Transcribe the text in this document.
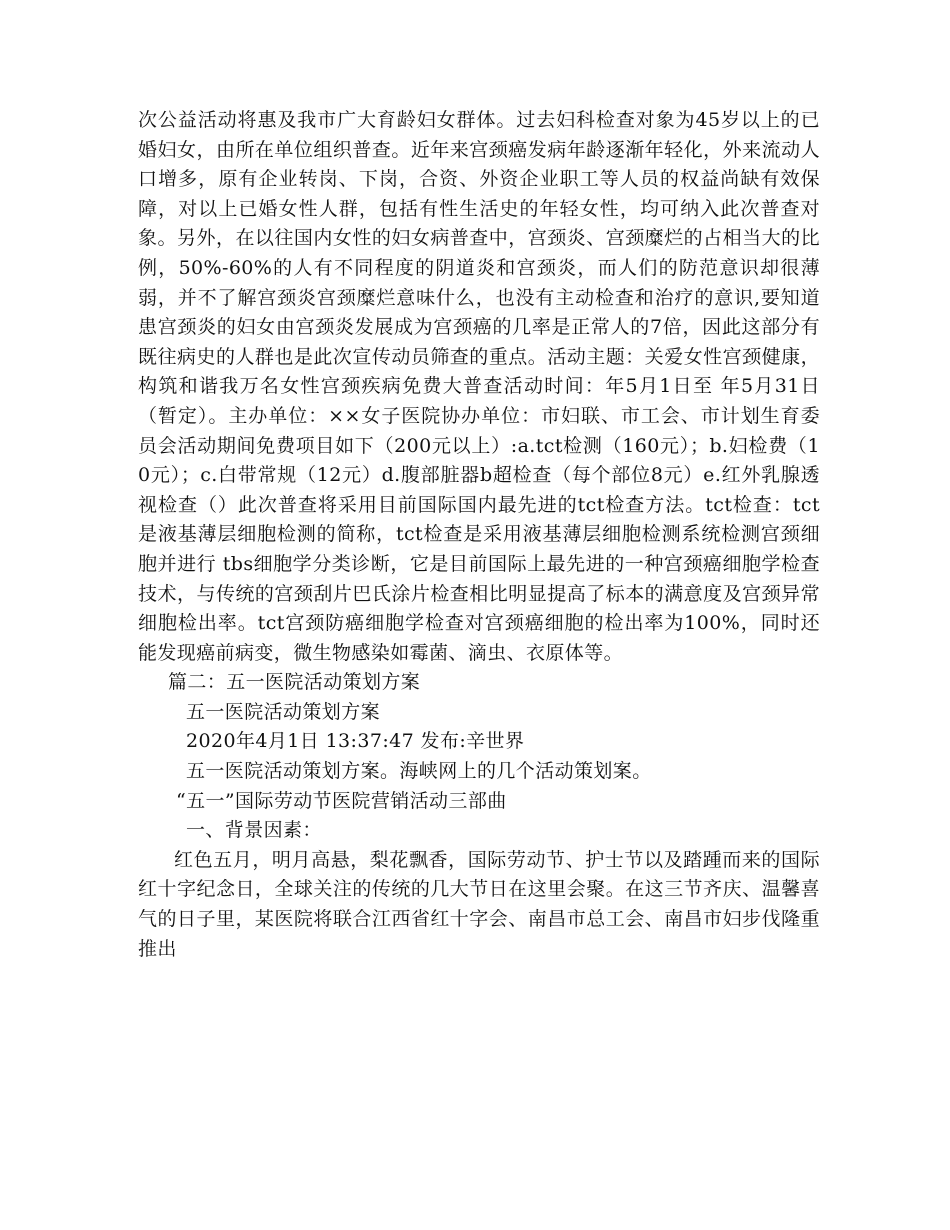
次公益活动将惠及我市广大育龄妇女群体。过去妇科检查对象为45岁以上的已婚妇女，由所在单位组织普查。近年来宫颈癌发病年龄逐渐年轻化，外来流动人口增多，原有企业转岗、下岗，合资、外资企业职工等人员的权益尚缺有效保障，对以上已婚女性人群，包括有性生活史的年轻女性，均可纳入此次普查对象。另外，在以往国内女性的妇女病普查中，宫颈炎、宫颈糜烂的占相当大的比例，50%-60%的人有不同程度的阴道炎和宫颈炎，而人们的防范意识却很薄弱，并不了解宫颈炎宫颈糜烂意味什么，也没有主动检查和治疗的意识,要知道患宫颈炎的妇女由宫颈炎发展成为宫颈癌的几率是正常人的7倍，因此这部分有既往病史的人群也是此次宣传动员筛查的重点。活动主题：关爱女性宫颈健康，构筑和谐我万名女性宫颈疾病免费大普查活动时间：年5月1日至 年5月31日（暂定）。主办单位：××女子医院协办单位：市妇联、市工会、市计划生育委员会活动期间免费项目如下（200元以上）:a.tct检测（160元）；b.妇检费（10元）；c.白带常规（12元）d.腹部脏器b超检查（每个部位8元）e.红外乳腺透视检查（）此次普查将采用目前国际国内最先进的tct检查方法。tct检查：tct是液基薄层细胞检测的简称，tct检查是采用液基薄层细胞检测系统检测宫颈细胞并进行 tbs细胞学分类诊断，它是目前国际上最先进的一种宫颈癌细胞学检查技术，与传统的宫颈刮片巴氏涂片检查相比明显提高了标本的满意度及宫颈异常细胞检出率。tct宫颈防癌细胞学检查对宫颈癌细胞的检出率为100%，同时还能发现癌前病变，微生物感染如霉菌、滴虫、衣原体等。

篇二：五一医院活动策划方案

五一医院活动策划方案

2020年4月1日 13:37:47 发布:辛世界

五一医院活动策划方案。海峡网上的几个活动策划案。

“五一”国际劳动节医院营销活动三部曲

一、背景因素：

红色五月，明月高悬，梨花飘香，国际劳动节、护士节以及踏踵而来的国际红十字纪念日，全球关注的传统的几大节日在这里会聚。在这三节齐庆、温馨喜气的日子里，某医院将联合江西省红十字会、南昌市总工会、南昌市妇步伐隆重推出
